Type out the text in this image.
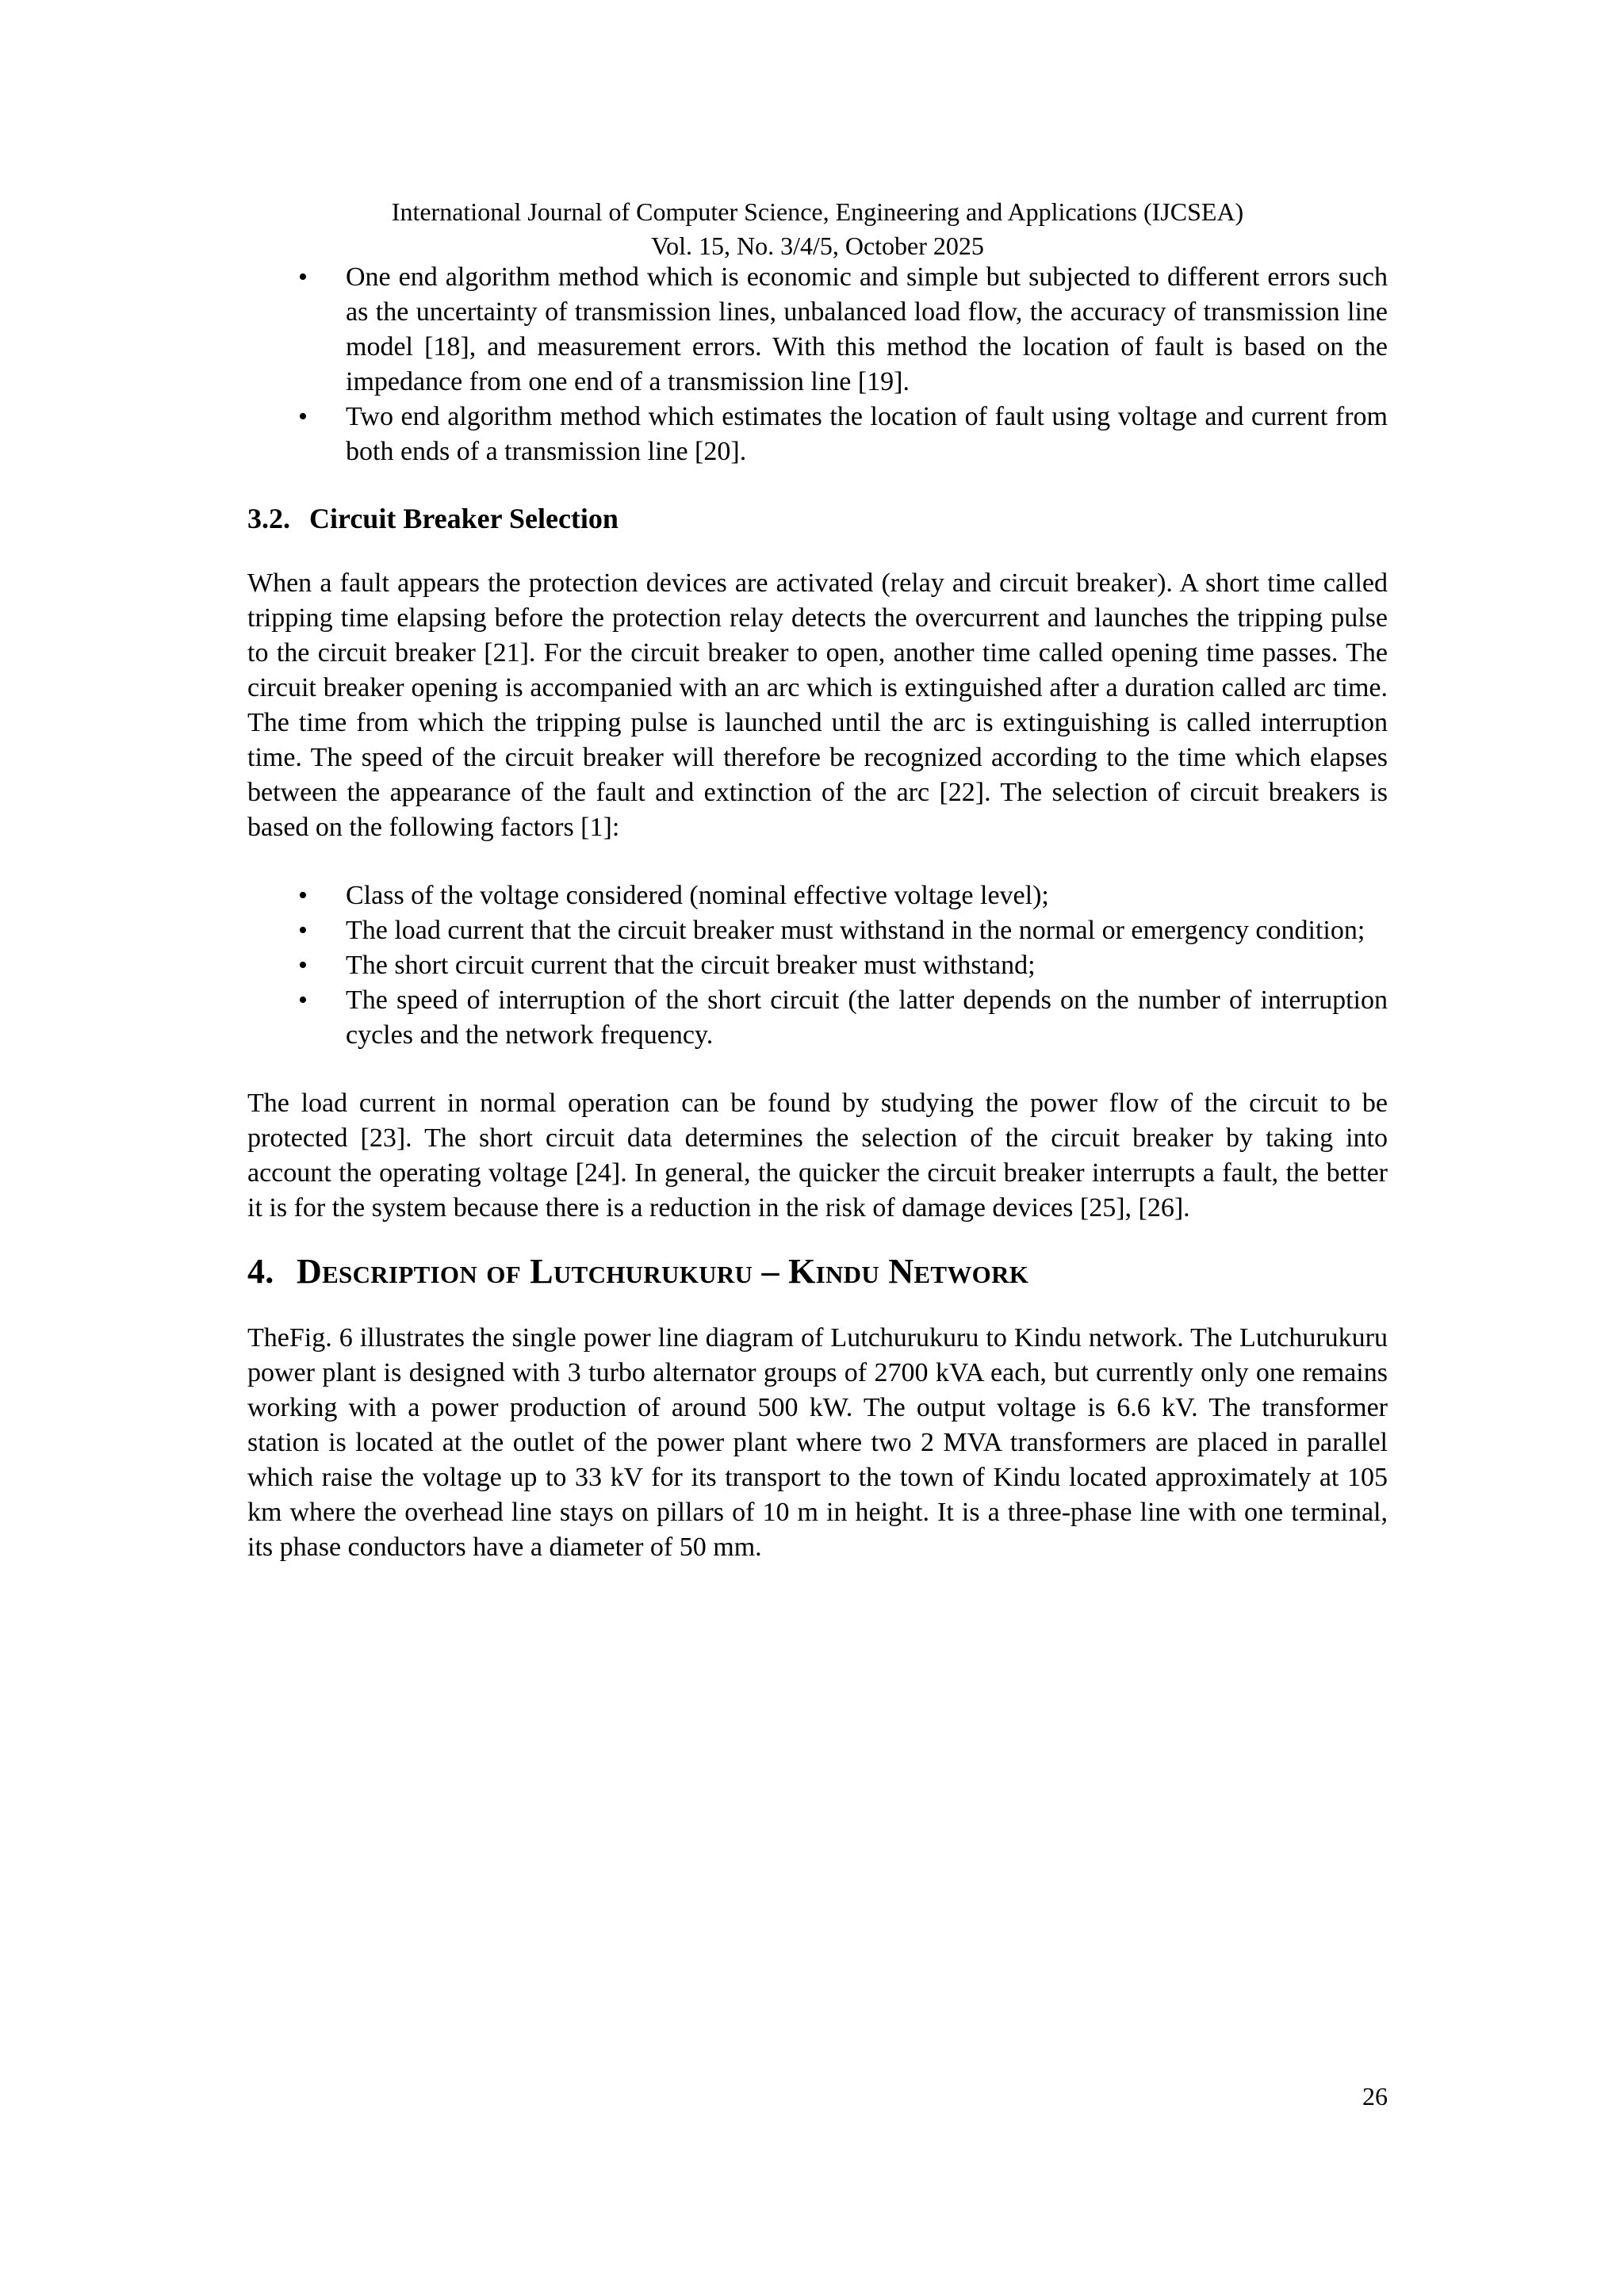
International Journal of Computer Science, Engineering and Applications (IJCSEA)
Vol. 15, No. 3/4/5, October 2025
• One end algorithm method which is economic and simple but subjected to different errors such as the uncertainty of transmission lines, unbalanced load flow, the accuracy of transmission line model [18], and measurement errors. With this method the location of fault is based on the impedance from one end of a transmission line [19].
• Two end algorithm method which estimates the location of fault using voltage and current from both ends of a transmission line [20].
3.2. Circuit Breaker Selection

When a fault appears the protection devices are activated (relay and circuit breaker). A short time called tripping time elapsing before the protection relay detects the overcurrent and launches the tripping pulse to the circuit breaker [21]. For the circuit breaker to open, another time called opening time passes. The circuit breaker opening is accompanied with an arc which is extinguished after a duration called arc time. The time from which the tripping pulse is launched until the arc is extinguishing is called interruption time. The speed of the circuit breaker will therefore be recognized according to the time which elapses between the appearance of the fault and extinction of the arc [22]. The selection of circuit breakers is based on the following factors [1]:

• Class of the voltage considered (nominal effective voltage level);
• The load current that the circuit breaker must withstand in the normal or emergency condition;
• The short circuit current that the circuit breaker must withstand;
• The speed of interruption of the short circuit (the latter depends on the number of interruption cycles and the network frequency.

The load current in normal operation can be found by studying the power flow of the circuit to be protected [23]. The short circuit data determines the selection of the circuit breaker by taking into account the operating voltage [24]. In general, the quicker the circuit breaker interrupts a fault, the better it is for the system because there is a reduction in the risk of damage devices [25], [26].

4. Description of Lutchurukuru – Kindu Network

TheFig. 6 illustrates the single power line diagram of Lutchurukuru to Kindu network. The Lutchurukuru power plant is designed with 3 turbo alternator groups of 2700 kVA each, but currently only one remains working with a power production of around 500 kW. The output voltage is 6.6 kV. The transformer station is located at the outlet of the power plant where two 2 MVA transformers are placed in parallel which raise the voltage up to 33 kV for its transport to the town of Kindu located approximately at 105 km where the overhead line stays on pillars of 10 m in height. It is a three-phase line with one terminal, its phase conductors have a diameter of 50 mm.

26
